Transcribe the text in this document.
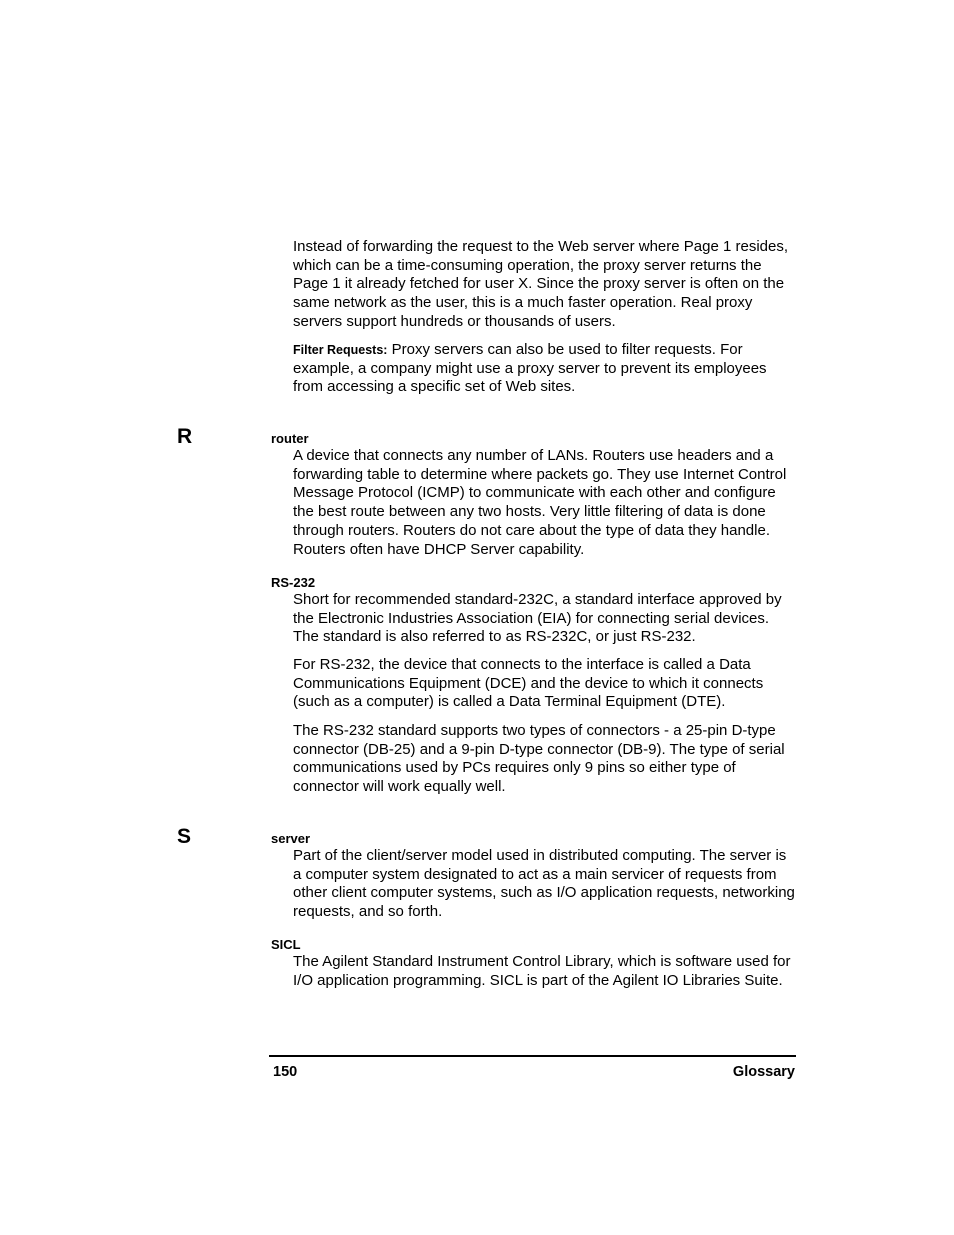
Instead of forwarding the request to the Web server where Page 1 resides, which can be a time-consuming operation, the proxy server returns the Page 1 it already fetched for user X. Since the proxy server is often on the same network as the user, this is a much faster operation. Real proxy servers support hundreds or thousands of users.

Filter Requests: Proxy servers can also be used to filter requests. For example, a company might use a proxy server to prevent its employees from accessing a specific set of Web sites.

R	router

A device that connects any number of LANs. Routers use headers and a forwarding table to determine where packets go. They use Internet Control Message Protocol (ICMP) to communicate with each other and configure the best route between any two hosts. Very little filtering of data is done through routers. Routers do not care about the type of data they handle. Routers often have DHCP Server capability.

RS-232

Short for recommended standard-232C, a standard interface approved by the Electronic Industries Association (EIA) for connecting serial devices. The standard is also referred to as RS-232C, or just RS-232.

For RS-232, the device that connects to the interface is called a Data Communications Equipment (DCE) and the device to which it connects (such as a computer) is called a Data Terminal Equipment (DTE).

The RS-232 standard supports two types of connectors - a 25-pin D-type connector (DB-25) and a 9-pin D-type connector (DB-9). The type of serial communications used by PCs requires only 9 pins so either type of connector will work equally well.

S	server

Part of the client/server model used in distributed computing. The server is a computer system designated to act as a main servicer of requests from other client computer systems, such as I/O application requests, networking requests, and so forth.

SICL

The Agilent Standard Instrument Control Library, which is software used for I/O application programming. SICL is part of the Agilent IO Libraries Suite.

150	Glossary
